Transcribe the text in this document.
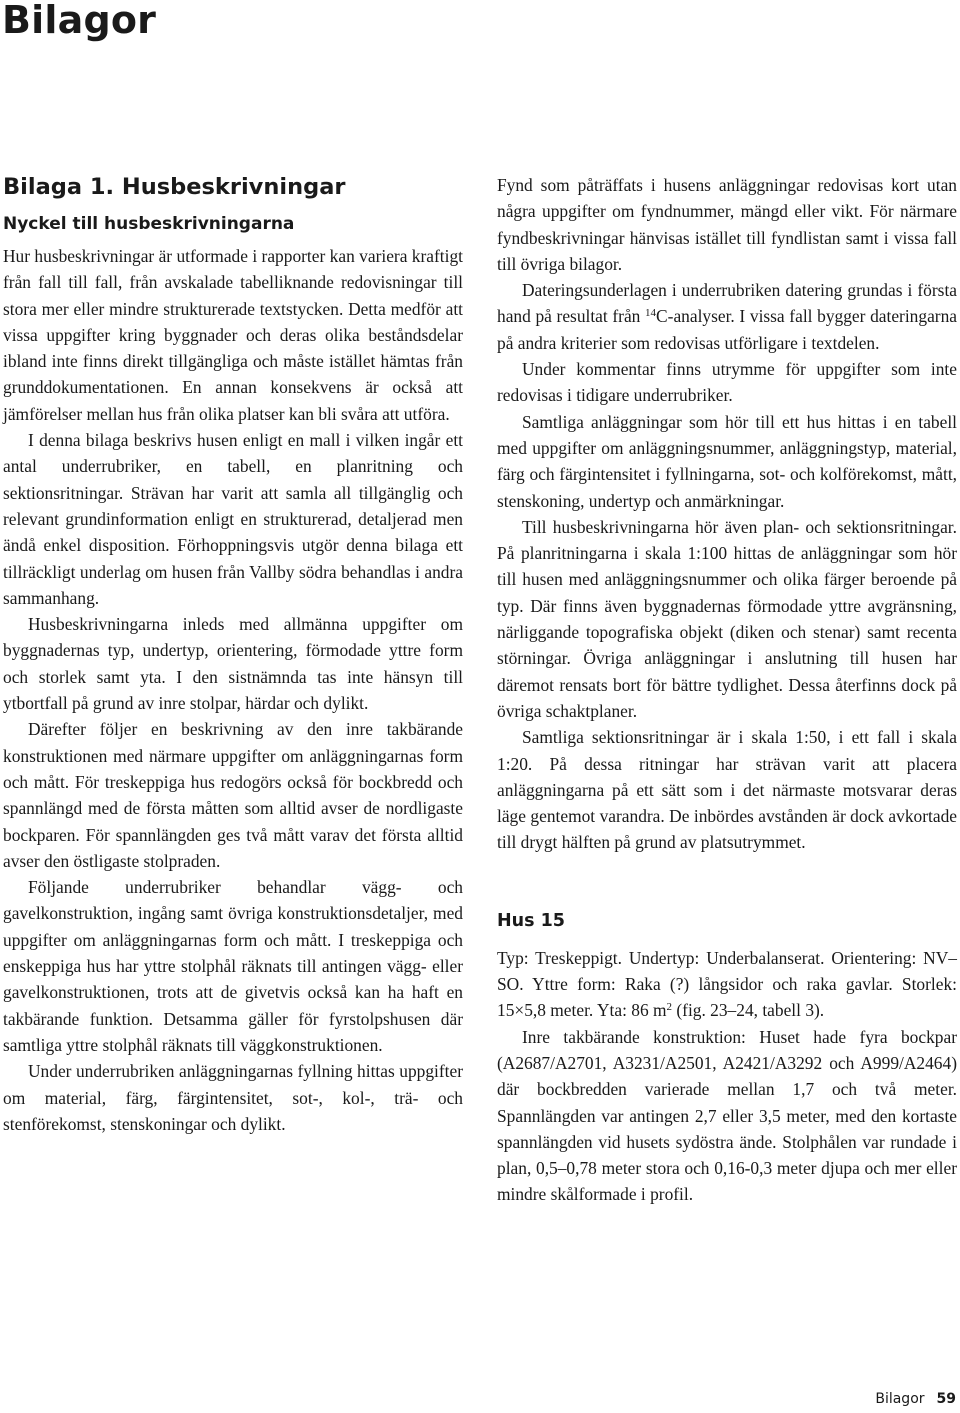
Bilagor
Bilaga 1. Husbeskrivningar
Nyckel till husbeskrivningarna

Hur husbeskrivningar är utformade i rapporter kan variera kraftigt från fall till fall, från avskalade tabelliknande redovisningar till stora mer eller mindre strukturerade textstycken. Detta medför att vissa uppgifter kring byggnader och deras olika beståndsdelar ibland inte finns direkt tillgängliga och måste istället hämtas från grunddokumentationen. En annan konsekvens är också att jämförelser mellan hus från olika platser kan bli svåra att utföra.

I denna bilaga beskrivs husen enligt en mall i vilken ingår ett antal underrubriker, en tabell, en planritning och sektionsritningar. Strävan har varit att samla all tillgänglig och relevant grundinformation enligt en strukturerad, detaljerad men ändå enkel disposition. Förhoppningsvis utgör denna bilaga ett tillräckligt underlag om husen från Vallby södra behandlas i andra sammanhang.

Husbeskrivningarna inleds med allmänna uppgifter om byggnadernas typ, undertyp, orientering, förmodade yttre form och storlek samt yta. I den sistnämnda tas inte hänsyn till ytbortfall på grund av inre stolpar, härdar och dylikt.

Därefter följer en beskrivning av den inre takbärande konstruktionen med närmare uppgifter om anläggningarnas form och mått. För treskeppiga hus redogörs också för bockbredd och spannlängd med de första måtten som alltid avser de nordligaste bockparen. För spannlängden ges två mått varav det första alltid avser den östligaste stolpraden.

Följande underrubriker behandlar vägg- och gavelkonstruktion, ingång samt övriga konstruktionsdetaljer, med uppgifter om anläggningarnas form och mått. I treskeppiga och enskeppiga hus har yttre stolphål räknats till antingen vägg- eller gavelkonstruktionen, trots att de givetvis också kan ha haft en takbärande funktion. Detsamma gäller för fyrstolpshusen där samtliga yttre stolphål räknats till väggkonstruktionen.

Under underrubriken anläggningarnas fyllning hittas uppgifter om material, färg, färgintensitet, sot-, kol-, trä- och stenförekomst, stenskoningar och dylikt.

Fynd som påträffats i husens anläggningar redovisas kort utan några uppgifter om fyndnummer, mängd eller vikt. För närmare fyndbeskrivningar hänvisas istället till fyndlistan samt i vissa fall till övriga bilagor.

Dateringsunderlagen i underrubriken datering grundas i första hand på resultat från $^{14}$C-analyser. I vissa fall bygger dateringarna på andra kriterier som redovisas utförligare i textdelen.

Under kommentar finns utrymme för uppgifter som inte redovisas i tidigare underrubriker.

Samtliga anläggningar som hör till ett hus hittas i en tabell med uppgifter om anläggningsnummer, anläggningstyp, material, färg och färgintensitet i fyllningarna, sot- och kolförekomst, mått, stenskoning, undertyp och anmärkningar.

Till husbeskrivningarna hör även plan- och sektionsritningar. På planritningarna i skala 1:100 hittas de anläggningar som hör till husen med anläggningsnummer och olika färger beroende på typ. Där finns även byggnadernas förmodade yttre avgränsning, närliggande topografiska objekt (diken och stenar) samt recenta störningar. Övriga anläggningar i anslutning till husen har däremot rensats bort för bättre tydlighet. Dessa återfinns dock på övriga schaktplaner.

Samtliga sektionsritningar är i skala 1:50, i ett fall i skala 1:20. På dessa ritningar har strävan varit att placera anläggningarna på ett sätt som i det närmaste motsvarar deras läge gentemot varandra. De inbördes avstånden är dock avkortade till drygt hälften på grund av platsutrymmet.

Hus 15

Typ: Treskeppigt. Undertyp: Underbalanserat. Orientering: NV–SO. Yttre form: Raka (?) långsidor och raka gavlar. Storlek: 15×5,8 meter. Yta: 86 $m^2$ (fig. 23–24, tabell 3).

Inre takbärande konstruktion: Huset hade fyra bockpar (A2687/A2701, A3231/A2501, A2421/A3292 och A999/A2464) där bockbredden varierade mellan 1,7 och två meter. Spannlängden var antingen 2,7 eller 3,5 meter, med den kortaste spannlängden vid husets sydöstra ände. Stolphålen var rundade i plan, 0,5–0,78 meter stora och 0,16-0,3 meter djupa och mer eller mindre skålformade i profil.

Bilagor 59
